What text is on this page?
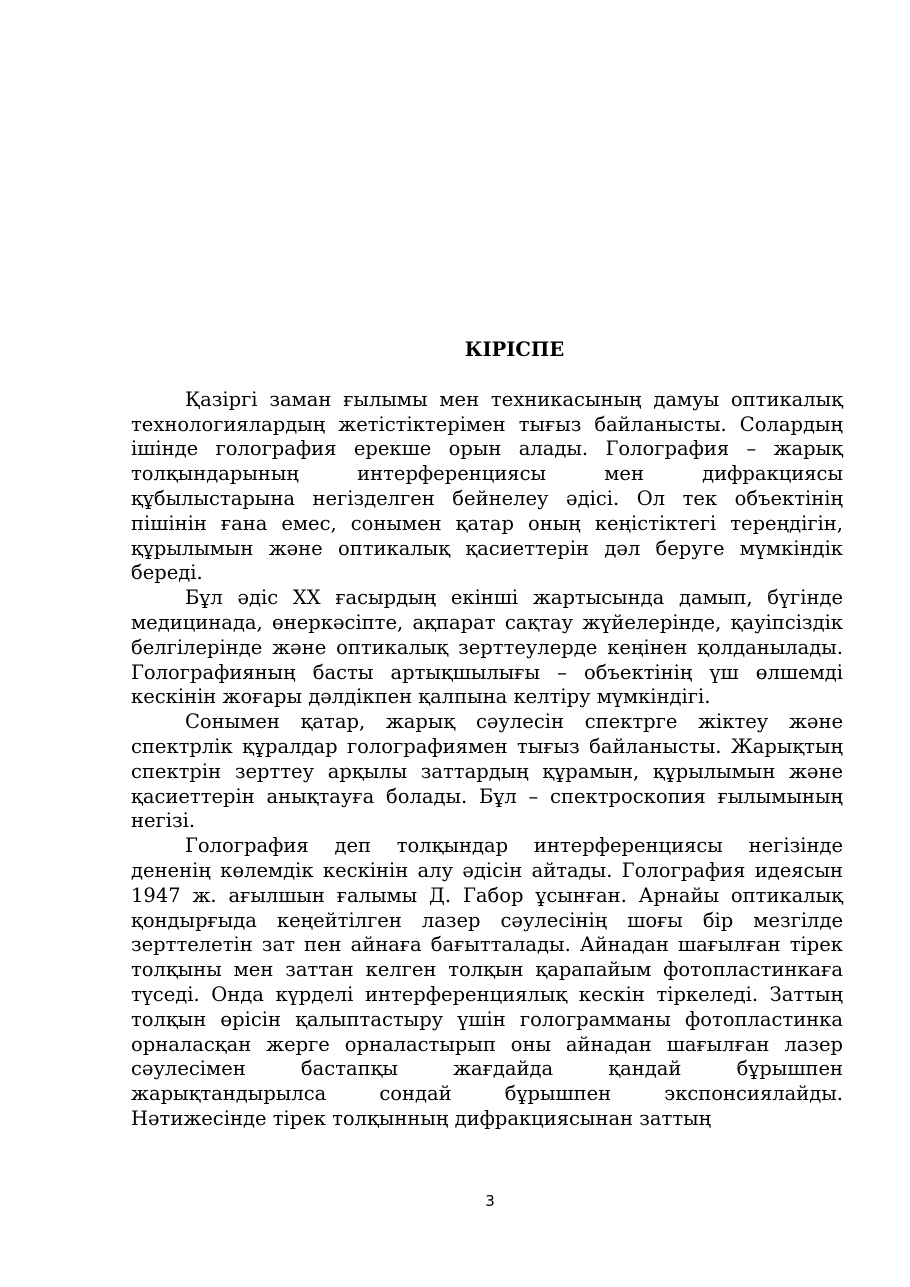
КІРІСПЕ

Қазіргі заман ғылымы мен техникасының дамуы оптикалық технологиялардың жетістіктерімен тығыз байланысты. Солардың ішінде голография ерекше орын алады. Голография – жарық толқындарының интерференциясы мен дифракциясы құбылыстарына негізделген бейнелеу әдісі. Ол тек объектінің пішінін ғана емес, сонымен қатар оның кеңістіктегі тереңдігін, құрылымын және оптикалық қасиеттерін дәл беруге мүмкіндік береді.

Бұл әдіс XX ғасырдың екінші жартысында дамып, бүгінде медицинада, өнеркәсіпте, ақпарат сақтау жүйелерінде, қауіпсіздік белгілерінде және оптикалық зерттеулерде кеңінен қолданылады. Голографияның басты артықшылығы – объектінің үш өлшемді кескінін жоғары дәлдікпен қалпына келтіру мүмкіндігі.

Сонымен қатар, жарық сәулесін спектрге жіктеу және спектрлік құралдар голографиямен тығыз байланысты. Жарықтың спектрін зерттеу арқылы заттардың құрамын, құрылымын және қасиеттерін анықтауға болады. Бұл – спектроскопия ғылымының негізі.

Голография деп толқындар интерференциясы негізінде дененің көлемдік кескінін алу әдісін айтады. Голография идеясын 1947 ж. ағылшын ғалымы Д. Габор ұсынған. Арнайы оптикалық қондырғыда кеңейтілген лазер сәулесінің шоғы бір мезгілде зерттелетін зат пен айнаға бағытталады. Айнадан шағылған тірек толқыны мен заттан келген толқын қарапайым фотопластинкаға түседі. Онда күрделі интерференциялық кескін тіркеледі. Заттың толқын өрісін қалыптастыру үшін голограмманы фотопластинка орналасқан жерге орналастырып оны айнадан шағылған лазер сәулесімен бастапқы жағдайда қандай бұрышпен жарықтандырылса сондай бұрышпен экспонсиялайды. Нәтижесінде тірек толқынның дифракциясынан заттың

3
